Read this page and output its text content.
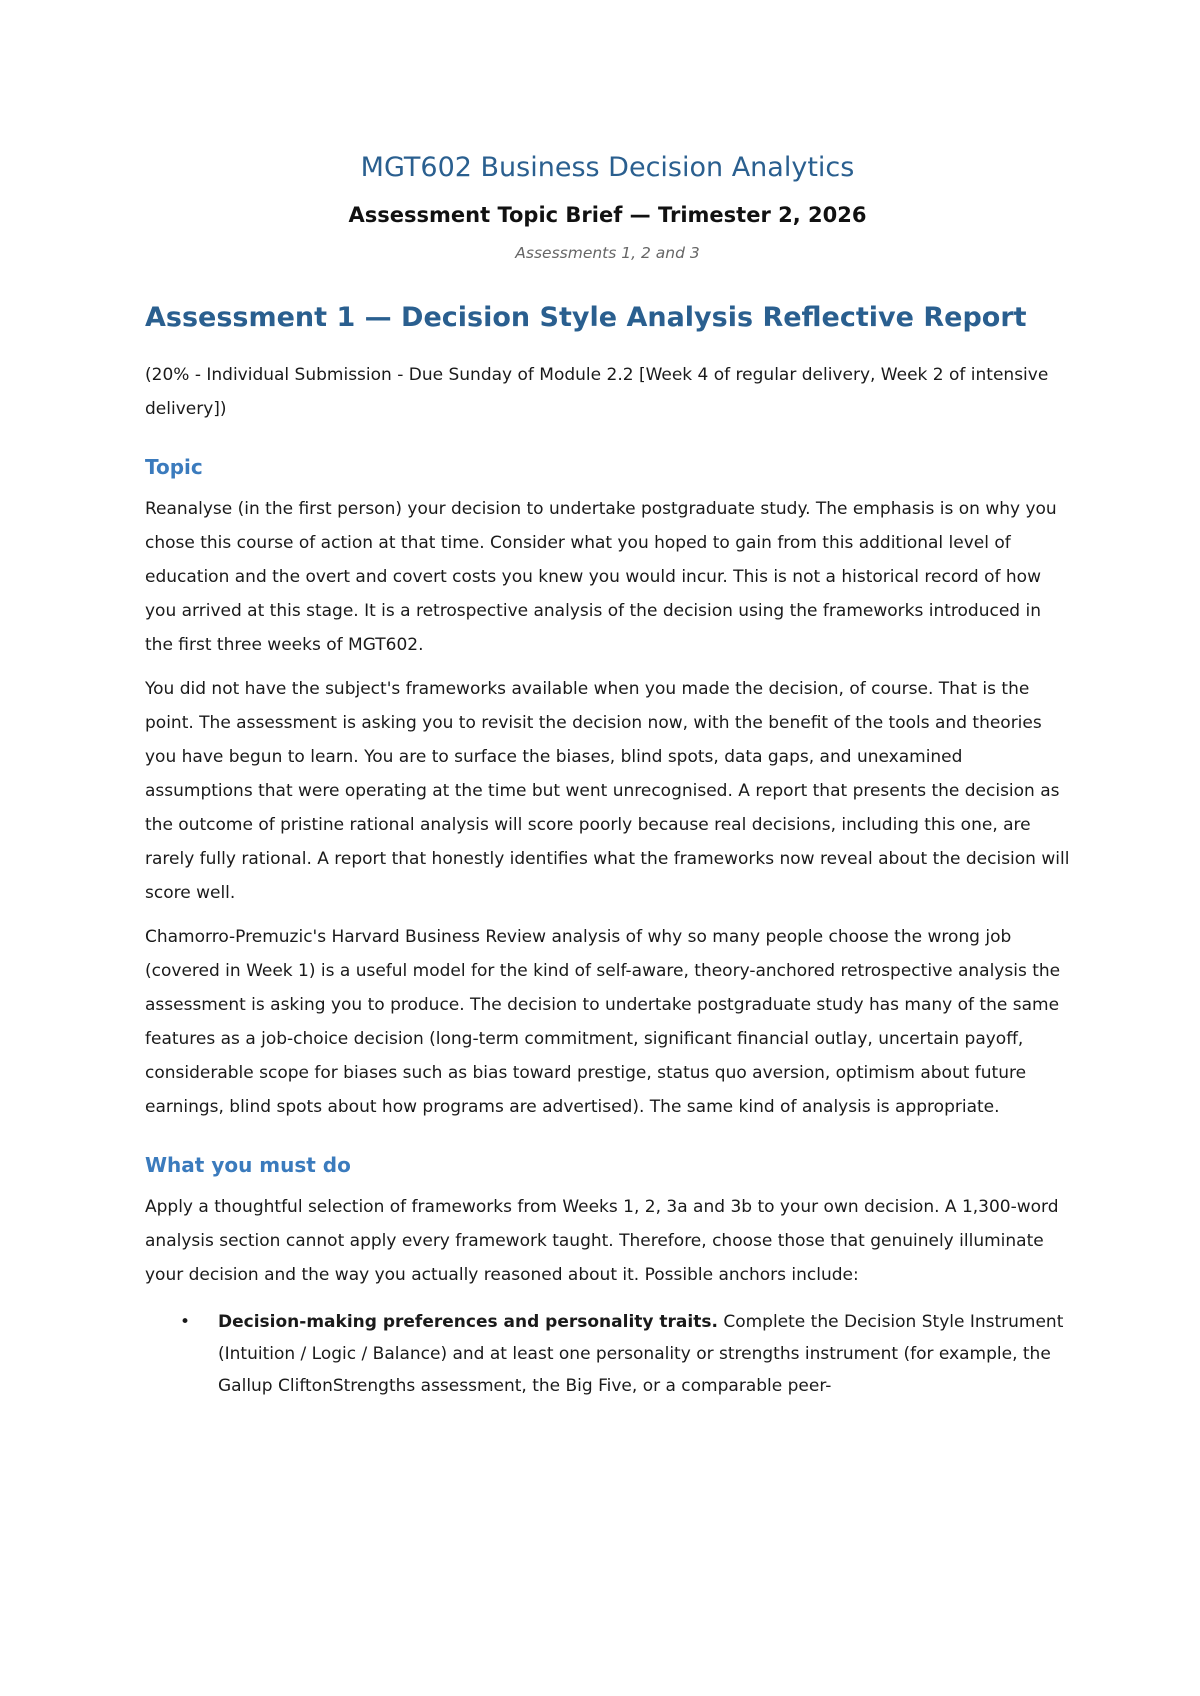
MGT602 Business Decision Analytics
Assessment Topic Brief — Trimester 2, 2026
Assessments 1, 2 and 3
Assessment 1 — Decision Style Analysis Reflective Report

(20% - Individual Submission - Due Sunday of Module 2.2 [Week 4 of regular delivery, Week 2 of intensive delivery])

Topic

Reanalyse (in the first person) your decision to undertake postgraduate study. The emphasis is on why you chose this course of action at that time. Consider what you hoped to gain from this additional level of education and the overt and covert costs you knew you would incur. This is not a historical record of how you arrived at this stage. It is a retrospective analysis of the decision using the frameworks introduced in the first three weeks of MGT602.

You did not have the subject's frameworks available when you made the decision, of course. That is the point. The assessment is asking you to revisit the decision now, with the benefit of the tools and theories you have begun to learn. You are to surface the biases, blind spots, data gaps, and unexamined assumptions that were operating at the time but went unrecognised. A report that presents the decision as the outcome of pristine rational analysis will score poorly because real decisions, including this one, are rarely fully rational. A report that honestly identifies what the frameworks now reveal about the decision will score well.

Chamorro-Premuzic's Harvard Business Review analysis of why so many people choose the wrong job (covered in Week 1) is a useful model for the kind of self-aware, theory-anchored retrospective analysis the assessment is asking you to produce. The decision to undertake postgraduate study has many of the same features as a job-choice decision (long-term commitment, significant financial outlay, uncertain payoff, considerable scope for biases such as bias toward prestige, status quo aversion, optimism about future earnings, blind spots about how programs are advertised). The same kind of analysis is appropriate.

What you must do

Apply a thoughtful selection of frameworks from Weeks 1, 2, 3a and 3b to your own decision. A 1,300-word analysis section cannot apply every framework taught. Therefore, choose those that genuinely illuminate your decision and the way you actually reasoned about it. Possible anchors include:

• Decision-making preferences and personality traits. Complete the Decision Style Instrument (Intuition / Logic / Balance) and at least one personality or strengths instrument (for example, the Gallup CliftonStrengths assessment, the Big Five, or a comparable peer-
